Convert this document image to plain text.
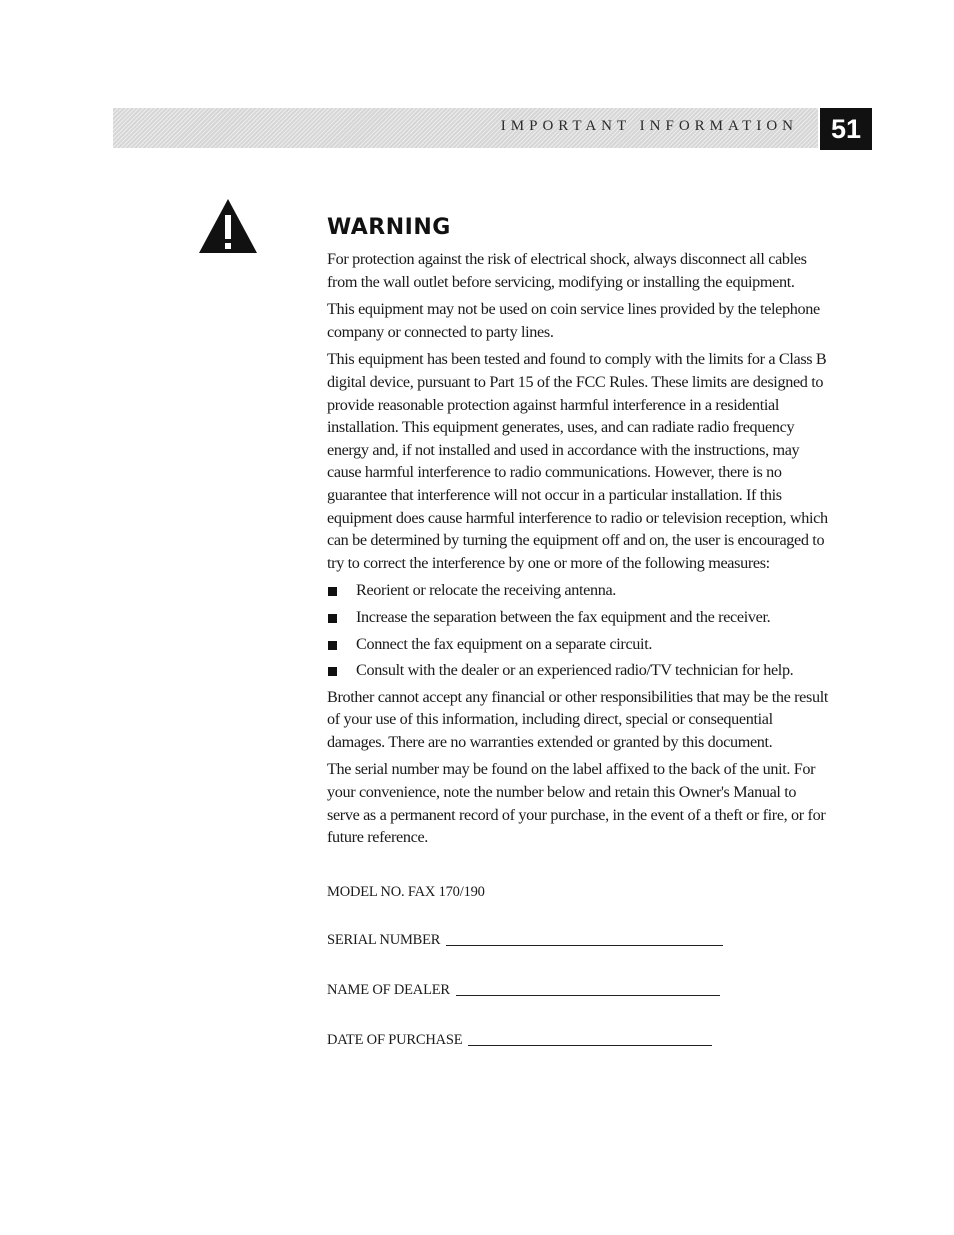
IMPORTANT INFORMATION	51
WARNING

For protection against the risk of electrical shock, always disconnect all cables from the wall outlet before servicing, modifying or installing the equipment.

This equipment may not be used on coin service lines provided by the telephone company or connected to party lines.

This equipment has been tested and found to comply with the limits for a Class B digital device, pursuant to Part 15 of the FCC Rules. These limits are designed to provide reasonable protection against harmful interference in a residential installation. This equipment generates, uses, and can radiate radio frequency energy and, if not installed and used in accordance with the instructions, may cause harmful interference to radio communications. However, there is no guarantee that interference will not occur in a particular installation. If this equipment does cause harmful interference to radio or television reception, which can be determined by turning the equipment off and on, the user is encouraged to try to correct the interference by one or more of the following measures:

Reorient or relocate the receiving antenna.
Increase the separation between the fax equipment and the receiver.
Connect the fax equipment on a separate circuit.
Consult with the dealer or an experienced radio/TV technician for help.

Brother cannot accept any financial or other responsibilities that may be the result of your use of this information, including direct, special or consequential damages. There are no warranties extended or granted by this document.

The serial number may be found on the label affixed to the back of the unit. For your convenience, note the number below and retain this Owner's Manual to serve as a permanent record of your purchase, in the event of a theft or fire, or for future reference.

MODEL NO. FAX 170/190
SERIAL NUMBER
NAME OF DEALER
DATE OF PURCHASE
